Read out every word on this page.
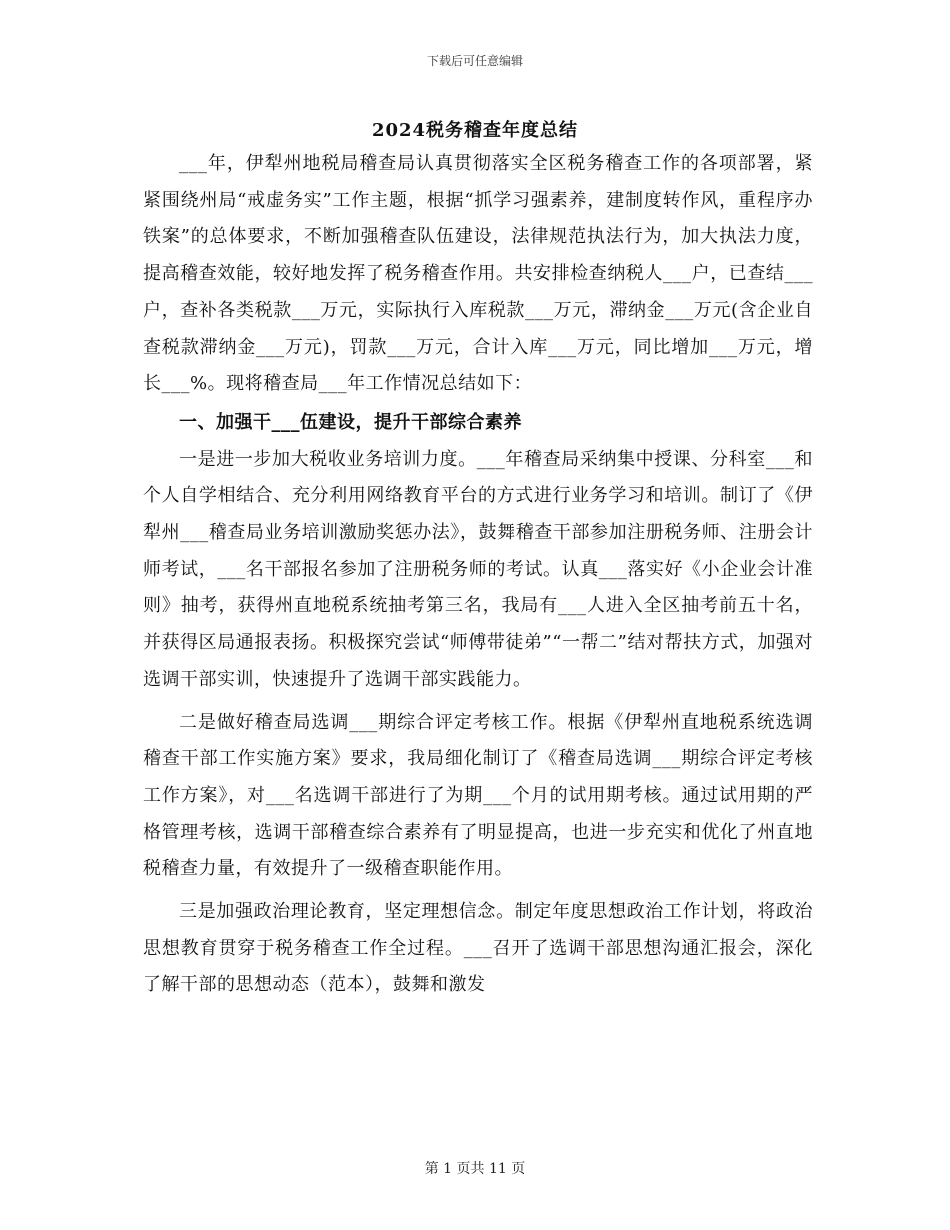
下载后可任意编辑
2024税务稽查年度总结

___年，伊犁州地税局稽查局认真贯彻落实全区税务稽查工作的各项部署，紧紧围绕州局“戒虚务实”工作主题，根据“抓学习强素养，建制度转作风，重程序办铁案”的总体要求，不断加强稽查队伍建设，法律规范执法行为，加大执法力度，提高稽查效能，较好地发挥了税务稽查作用。共安排检查纳税人___户，已查结___户，查补各类税款___万元，实际执行入库税款___万元，滞纳金___万元(含企业自查税款滞纳金___万元)，罚款___万元，合计入库___万元，同比增加___万元，增长___%。现将稽查局___年工作情况总结如下：

一、加强干___伍建设，提升干部综合素养

一是进一步加大税收业务培训力度。___年稽查局采纳集中授课、分科室___和个人自学相结合、充分利用网络教育平台的方式进行业务学习和培训。制订了《伊犁州___稽查局业务培训激励奖惩办法》，鼓舞稽查干部参加注册税务师、注册会计师考试，___名干部报名参加了注册税务师的考试。认真___落实好《小企业会计准则》抽考，获得州直地税系统抽考第三名，我局有___人进入全区抽考前五十名，并获得区局通报表扬。积极探究尝试“师傅带徒弟”“一帮二”结对帮扶方式，加强对选调干部实训，快速提升了选调干部实践能力。

二是做好稽查局选调___期综合评定考核工作。根据《伊犁州直地税系统选调稽查干部工作实施方案》要求，我局细化制订了《稽查局选调___期综合评定考核工作方案》，对___名选调干部进行了为期___个月的试用期考核。通过试用期的严格管理考核，选调干部稽查综合素养有了明显提高，也进一步充实和优化了州直地税稽查力量，有效提升了一级稽查职能作用。

三是加强政治理论教育，坚定理想信念。制定年度思想政治工作计划，将政治思想教育贯穿于税务稽查工作全过程。___召开了选调干部思想沟通汇报会，深化了解干部的思想动态（范本），鼓舞和激发

第 1 页共 11 页
